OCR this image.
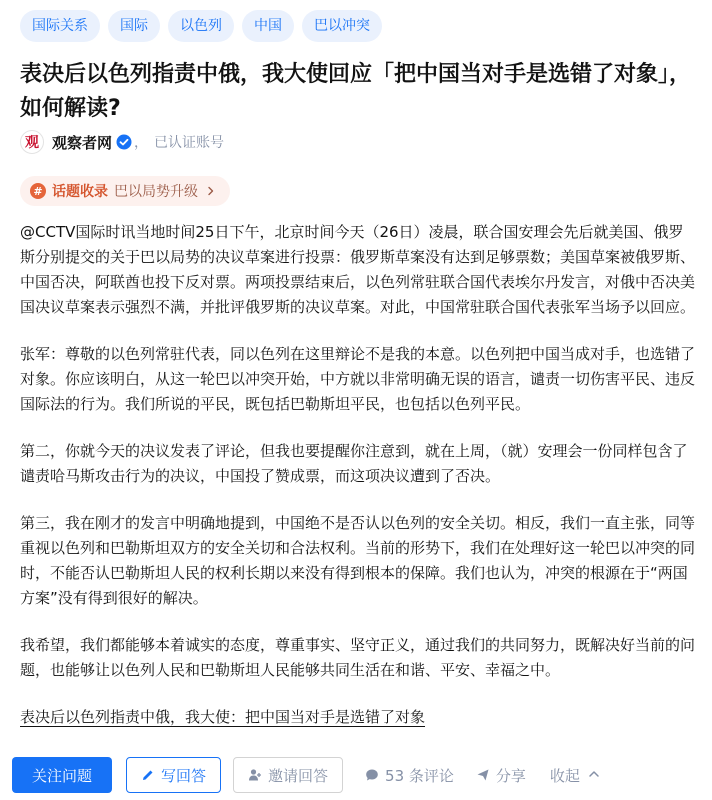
国际关系	国际	以色列	中国	巴以冲突
表决后以色列指责中俄，我大使回应「把中国当对手是选错了对象」，如何解读?
观 观察者网 ， 已认证账号
# 话题收录 巴以局势升级

@CCTV国际时讯当地时间25日下午，北京时间今天（26日）凌晨，联合国安理会先后就美国、俄罗斯分别提交的关于巴以局势的决议草案进行投票：俄罗斯草案没有达到足够票数；美国草案被俄罗斯、中国否决，阿联酋也投下反对票。两项投票结束后，以色列常驻联合国代表埃尔丹发言，对俄中否决美国决议草案表示强烈不满，并批评俄罗斯的决议草案。对此，中国常驻联合国代表张军当场予以回应。

张军：尊敬的以色列常驻代表，同以色列在这里辩论不是我的本意。以色列把中国当成对手，也选错了对象。你应该明白，从这一轮巴以冲突开始，中方就以非常明确无误的语言，谴责一切伤害平民、违反国际法的行为。我们所说的平民，既包括巴勒斯坦平民，也包括以色列平民。

第二，你就今天的决议发表了评论，但我也要提醒你注意到，就在上周，（就）安理会一份同样包含了谴责哈马斯攻击行为的决议，中国投了赞成票，而这项决议遭到了否决。

第三，我在刚才的发言中明确地提到，中国绝不是否认以色列的安全关切。相反，我们一直主张，同等重视以色列和巴勒斯坦双方的安全关切和合法权利。当前的形势下，我们在处理好这一轮巴以冲突的同时，不能否认巴勒斯坦人民的权利长期以来没有得到根本的保障。我们也认为，冲突的根源在于“两国方案”没有得到很好的解决。

我希望，我们都能够本着诚实的态度，尊重事实、坚守正义，通过我们的共同努力，既解决好当前的问题，也能够让以色列人民和巴勒斯坦人民能够共同生活在和谐、平安、幸福之中。

表决后以色列指责中俄，我大使：把中国当对手是选错了对象

关注问题	写回答	邀请回答	53 条评论	分享 收起
